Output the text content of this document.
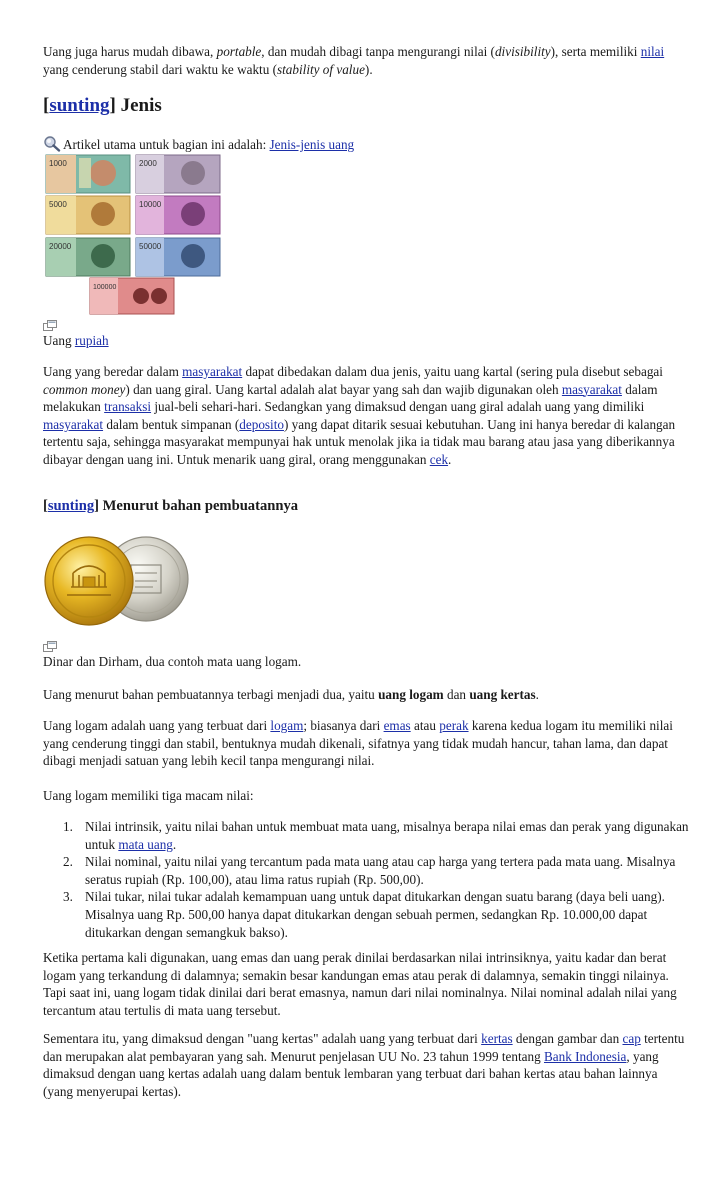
Uang juga harus mudah dibawa, portable, dan mudah dibagi tanpa mengurangi nilai (divisibility), serta memiliki nilai yang cenderung stabil dari waktu ke waktu (stability of value).
[sunting] Jenis
Artikel utama untuk bagian ini adalah: Jenis-jenis uang
1000	2000
5000	10000
20000	50000
100000
Uang rupiah
Uang yang beredar dalam masyarakat dapat dibedakan dalam dua jenis, yaitu uang kartal (sering pula disebut sebagai common money) dan uang giral. Uang kartal adalah alat bayar yang sah dan wajib digunakan oleh masyarakat dalam melakukan transaksi jual-beli sehari-hari. Sedangkan yang dimaksud dengan uang giral adalah uang yang dimiliki masyarakat dalam bentuk simpanan (deposito) yang dapat ditarik sesuai kebutuhan. Uang ini hanya beredar di kalangan tertentu saja, sehingga masyarakat mempunyai hak untuk menolak jika ia tidak mau barang atau jasa yang diberikannya dibayar dengan uang ini. Untuk menarik uang giral, orang menggunakan cek.
[sunting] Menurut bahan pembuatannya
Dinar dan Dirham, dua contoh mata uang logam.
Uang menurut bahan pembuatannya terbagi menjadi dua, yaitu uang logam dan uang kertas.
Uang logam adalah uang yang terbuat dari logam; biasanya dari emas atau perak karena kedua logam itu memiliki nilai yang cenderung tinggi dan stabil, bentuknya mudah dikenali, sifatnya yang tidak mudah hancur, tahan lama, dan dapat dibagi menjadi satuan yang lebih kecil tanpa mengurangi nilai.
Uang logam memiliki tiga macam nilai:
1. Nilai intrinsik, yaitu nilai bahan untuk membuat mata uang, misalnya berapa nilai emas dan perak yang digunakan untuk mata uang.
2. Nilai nominal, yaitu nilai yang tercantum pada mata uang atau cap harga yang tertera pada mata uang. Misalnya seratus rupiah (Rp. 100,00), atau lima ratus rupiah (Rp. 500,00).
3. Nilai tukar, nilai tukar adalah kemampuan uang untuk dapat ditukarkan dengan suatu barang (daya beli uang). Misalnya uang Rp. 500,00 hanya dapat ditukarkan dengan sebuah permen, sedangkan Rp. 10.000,00 dapat ditukarkan dengan semangkuk bakso).
Ketika pertama kali digunakan, uang emas dan uang perak dinilai berdasarkan nilai intrinsiknya, yaitu kadar dan berat logam yang terkandung di dalamnya; semakin besar kandungan emas atau perak di dalamnya, semakin tinggi nilainya. Tapi saat ini, uang logam tidak dinilai dari berat emasnya, namun dari nilai nominalnya. Nilai nominal adalah nilai yang tercantum atau tertulis di mata uang tersebut.
Sementara itu, yang dimaksud dengan "uang kertas" adalah uang yang terbuat dari kertas dengan gambar dan cap tertentu dan merupakan alat pembayaran yang sah. Menurut penjelasan UU No. 23 tahun 1999 tentang Bank Indonesia, yang dimaksud dengan uang kertas adalah uang dalam bentuk lembaran yang terbuat dari bahan kertas atau bahan lainnya (yang menyerupai kertas).
